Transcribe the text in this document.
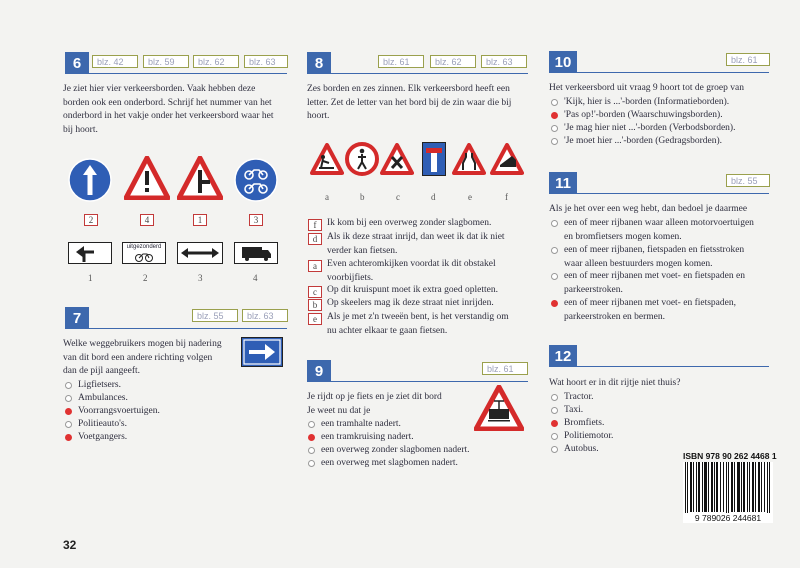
6	blz. 42	blz. 59	blz. 62	blz. 63
Je ziet hier vier verkeersborden. Vaak hebben deze
borden ook een onderbord. Schrijf het nummer van het
onderbord in het vakje onder het verkeersbord waar het
bij hoort.
2	4	1	3
uitgezonderd
1	2	3	4
7	blz. 55	blz. 63
Welke weggebruikers mogen bij nadering
van dit bord een andere richting volgen
dan de pijl aangeeft.
Ligfietsers.
Ambulances.
Voorrangsvoertuigen.
Politieauto's.
Voetgangers.
32
8	blz. 61	blz. 62	blz. 63
Zes borden en zes zinnen. Elk verkeersbord heeft een
letter. Zet de letter van het bord bij de zin waar die bij
hoort.
a	b	c	d	e	f
f	Ik kom bij een overweg zonder slagbomen.
d	Als ik deze straat inrijd, dan weet ik dat ik niet
verder kan fietsen.
a	Even achteromkijken voordat ik dit obstakel
voorbijfiets.
c	Op dit kruispunt moet ik extra goed opletten.
b	Op skeelers mag ik deze straat niet inrijden.
e	Als je met z'n tweeën bent, is het verstandig om
nu achter elkaar te gaan fietsen.
9	blz. 61
Je rijdt op je fiets en je ziet dit bord
Je weet nu dat je
een tramhalte nadert.
een tramkruising nadert.
een overweg zonder slagbomen nadert.
een overweg met slagbomen nadert.
10	blz. 61
Het verkeersbord uit vraag 9 hoort tot de groep van
'Kijk, hier is ...'-borden (Informatieborden).
'Pas op!'-borden (Waarschuwingsborden).
'Je mag hier niet ...'-borden (Verbodsborden).
'Je moet hier ...'-borden (Gedragsborden).
11	blz. 55
Als je het over een weg hebt, dan bedoel je daarmee
een of meer rijbanen waar alleen motorvoertuigen
en bromfietsers mogen komen.
een of meer rijbanen, fietspaden en fietsstroken
waar alleen bestuurders mogen komen.
een of meer rijbanen met voet- en fietspaden en
parkeerstroken.
een of meer rijbanen met voet- en fietspaden,
parkeerstroken en bermen.
12
Wat hoort er in dit rijtje niet thuis?
Tractor.
Taxi.
Bromfiets.
Politiemotor.
Autobus.
ISBN 978 90 262 4468 1
9 789026 244681
